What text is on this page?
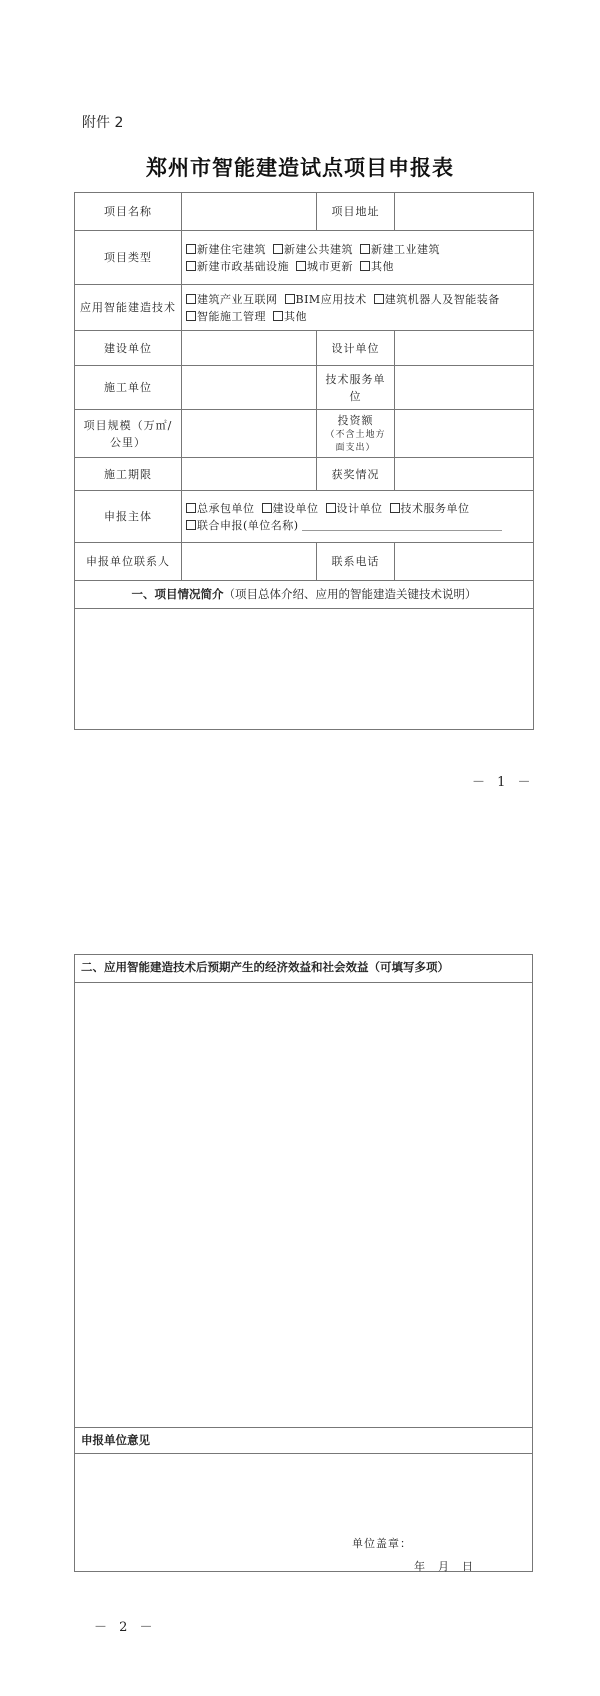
附件 2
郑州市智能建造试点项目申报表
项目名称		项目地址	
项目类型	新建住宅建筑 新建公共建筑 新建工业建筑 新建市政基础设施 城市更新 其他		
应用智能建造技术	建筑产业互联网 BIM应用技术 建筑机器人及智能装备 智能施工管理 其他		
建设单位		设计单位	
施工单位		技术服务单位	
项目规模（万㎡/公里）		投资额
（不含土地方面支出）	

施工期限		获奖情况	
申报主体	总承包单位 建设单位 设计单位 技术服务单位
联合申报(单位名称)		
申报单位联系人		联系电话	
一、项目情况简介（项目总体介绍、应用的智能建造关键技术说明）			

－ 1 －
二、应用智能建造技术后预期产生的经济效益和社会效益（可填写多项）

申报单位意见

单位盖章：
年　月　日
－ 2 －
